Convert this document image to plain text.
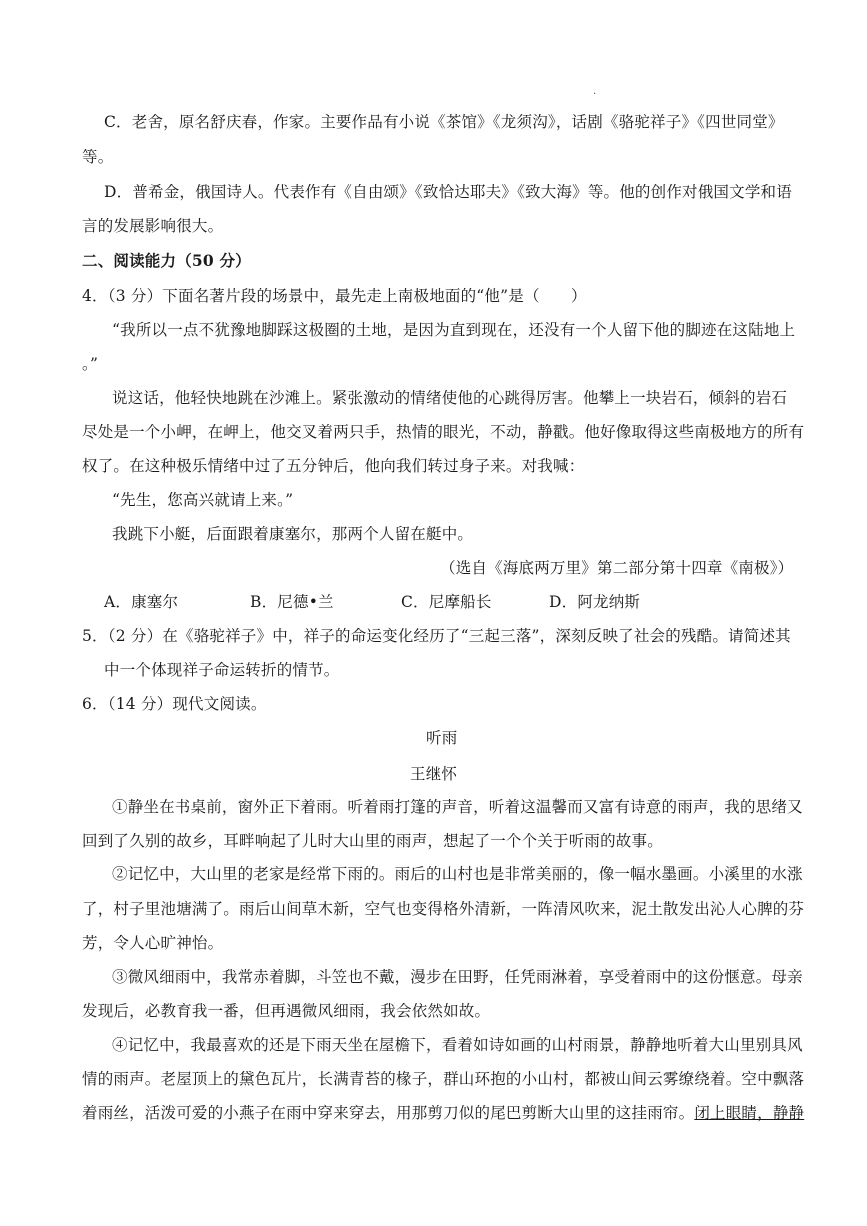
.
C．老舍，原名舒庆春，作家。主要作品有小说《茶馆》《龙须沟》，话剧《骆驼祥子》《四世同堂》
等。
D．普希金，俄国诗人。代表作有《自由颂》《致恰达耶夫》《致大海》等。他的创作对俄国文学和语
言的发展影响很大。
二、阅读能力（50 分）
4．（3 分）下面名著片段的场景中，最先走上南极地面的“他”是（　　）
“我所以一点不犹豫地脚踩这极圈的土地，是因为直到现在，还没有一个人留下他的脚迹在这陆地上
。”
说这话，他轻快地跳在沙滩上。紧张激动的情绪使他的心跳得厉害。他攀上一块岩石，倾斜的岩石
尽处是一个小岬，在岬上，他交叉着两只手，热情的眼光，不动，静戳。他好像取得这些南极地方的所有
权了。在这种极乐情绪中过了五分钟后，他向我们转过身子来。对我喊：
“先生，您高兴就请上来。”
我跳下小艇，后面跟着康塞尔，那两个人留在艇中。
（选自《海底两万里》第二部分第十四章《南极》）
A．康塞尔	B．尼德•兰	C．尼摩船长	D．阿龙纳斯
5．（2 分）在《骆驼祥子》中，祥子的命运变化经历了“三起三落”，深刻反映了社会的残酷。请简述其
中一个体现祥子命运转折的情节。
6．（14 分）现代文阅读。
听雨
王继怀
①静坐在书桌前，窗外正下着雨。听着雨打篷的声音，听着这温馨而又富有诗意的雨声，我的思绪又
回到了久别的故乡，耳畔响起了儿时大山里的雨声，想起了一个个关于听雨的故事。
②记忆中，大山里的老家是经常下雨的。雨后的山村也是非常美丽的，像一幅水墨画。小溪里的水涨
了，村子里池塘满了。雨后山间草木新，空气也变得格外清新，一阵清风吹来，泥土散发出沁人心脾的芬
芳，令人心旷神怡。
③微风细雨中，我常赤着脚，斗笠也不戴，漫步在田野，任凭雨淋着，享受着雨中的这份惬意。母亲
发现后，必教育我一番，但再遇微风细雨，我会依然如故。
④记忆中，我最喜欢的还是下雨天坐在屋檐下，看着如诗如画的山村雨景，静静地听着大山里别具风
情的雨声。老屋顶上的黛色瓦片，长满青苔的椽子，群山环抱的小山村，都被山间云雾缭绕着。空中飘落
着雨丝，活泼可爱的小燕子在雨中穿来穿去，用那剪刀似的尾巴剪断大山里的这挂雨帘。闭上眼睛，静静
